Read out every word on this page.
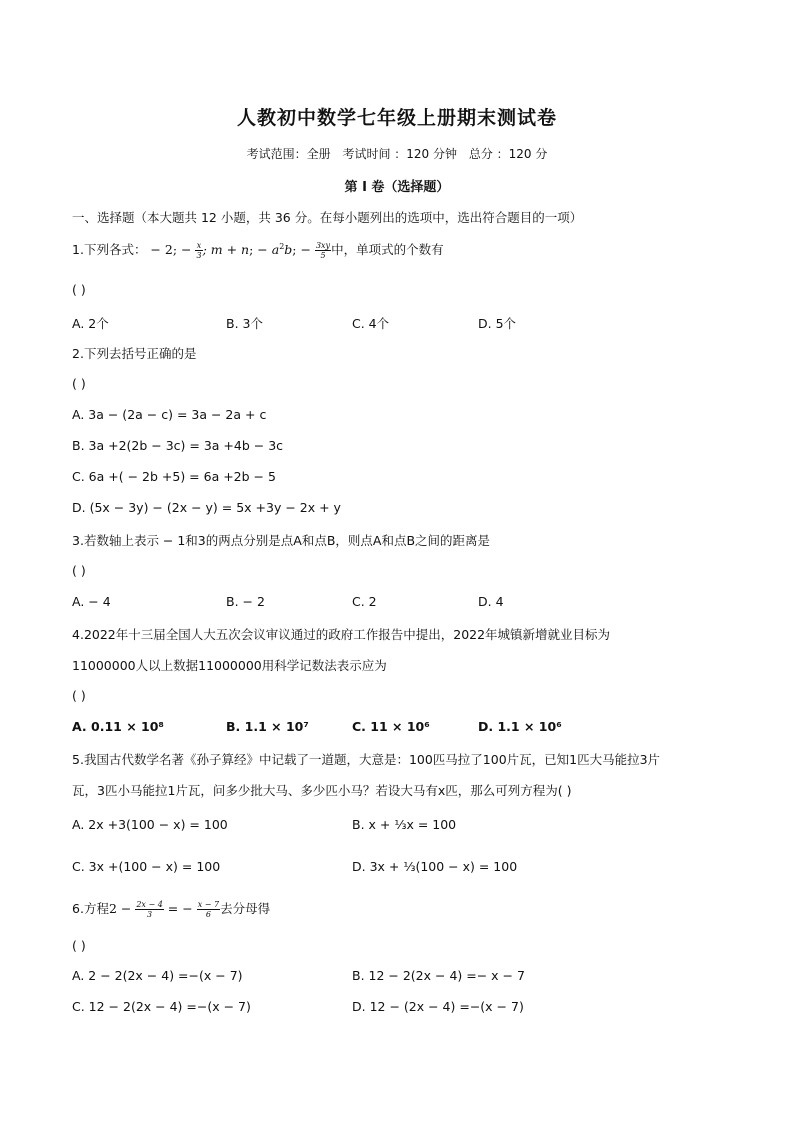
人教初中数学七年级上册期末测试卷
考试范围：全册 考试时间 ：120 分钟 总分 ：120 分
第 I 卷（选择题）
一、选择题（本大题共 12 小题，共 36 分。在每小题列出的选项中，选出符合题目的一项）
1.下列各式： − 2; − $\frac{x}{3}$ ; m + n; − $a^2b$; − $\frac{3xy}{5}$ 中，单项式的个数有
( )
A. 2个	B. 3个	C. 4个	D. 5个
2.下列去括号正确的是
( )
A. 3a − (2a − c) = 3a − 2a + c
B. 3a +2(2b − 3c) = 3a +4b − 3c
C. 6a +( − 2b +5) = 6a +2b − 5
D. (5x − 3y) − (2x − y) = 5x +3y − 2x + y
3.若数轴上表示 − 1和3的两点分别是点A和点B，则点A和点B之间的距离是
( )
A. − 4	B. − 2	C. 2	D. 4
4.2022年十三届全国人大五次会议审议通过的政府工作报告中提出，2022年城镇新增就业目标为
11000000人以上数据11000000用科学记数法表示应为
( )
A. 0.11 × 10⁸	B. 1.1 × 10⁷	C. 11 × 10⁶	D. 1.1 × 10⁶
5.我国古代数学名著《孙子算经》中记载了一道题，大意是：100匹马拉了100片瓦，已知1匹大马能拉3片
瓦，3匹小马能拉1片瓦，问多少批大马、多少匹小马？若设大马有x匹，那么可列方程为( )
A. 2x +3(100 − x) = 100	B. x + ⅓x = 100
C. 3x +(100 − x) = 100	D. 3x + ⅓(100 − x) = 100
6.方程$2 - \frac{2x - 4}{3}$ = − $\frac{x - 7}{6}$ 去分母得
( )
A. 2 − 2(2x − 4) =−(x − 7)	B. 12 − 2(2x − 4) =− x − 7
C. 12 − 2(2x − 4) =−(x − 7)	D. 12 − (2x − 4) =−(x − 7)
